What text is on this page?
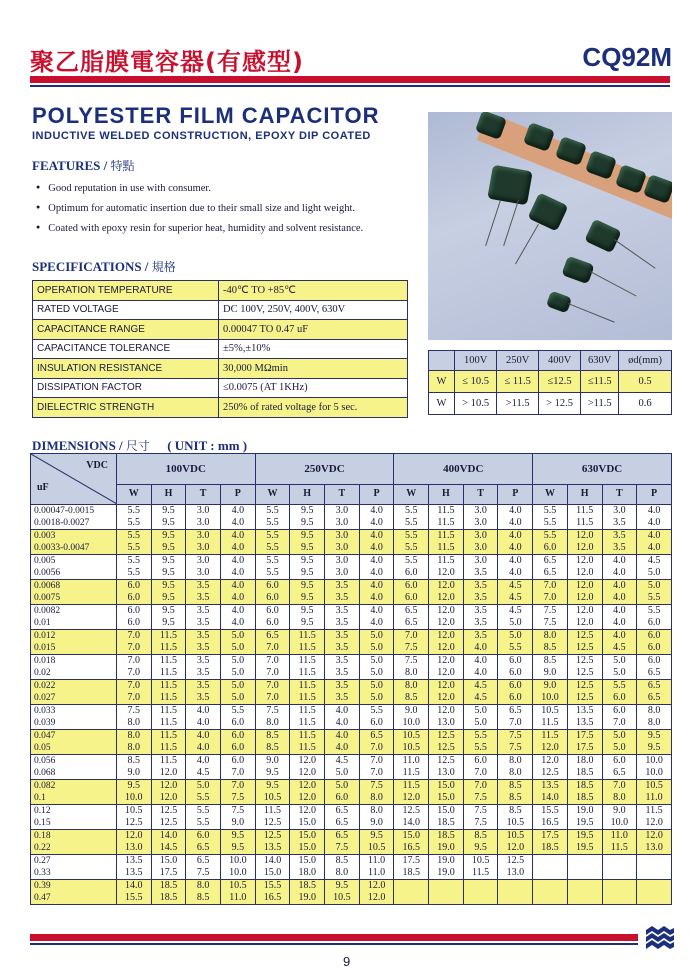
聚乙脂膜電容器(有感型)	CQ92M
POLYESTER FILM CAPACITOR
INDUCTIVE WELDED CONSTRUCTION, EPOXY DIP COATED
FEATURES / 特點
● Good reputation in use with consumer.
● Optimum for automatic insertion due to their small size and light weight.
● Coated with epoxy resin for superior heat, humidity and solvent resistance.
SPECIFICATIONS / 規格
OPERATION TEMPERATURE	-40℃ TO +85℃
RATED VOLTAGE	DC 100V, 250V, 400V, 630V
CAPACITANCE RANGE	0.00047 TO 0.47 uF
CAPACITANCE TOLERANCE	±5%,±10%
INSULATION RESISTANCE	30,000 MΩmin
DISSIPATION FACTOR	≤0.0075 (AT 1KHz)
DIELECTRIC STRENGTH	250% of rated voltage for 5 sec.
	100V	250V	400V	630V	ød(mm)
W	≤ 10.5	≤ 11.5	≤12.5	≤11.5	0.5
W	> 10.5	>11.5	> 12.5	>11.5	0.6
DIMENSIONS / 尺寸 ( UNIT : mm )
VDC
uF	100VDC				250VDC				400VDC				630VDC			
	W	H	T	P	W	H	T	P	W	H	T	P	W	H	T	P
0.00047-0.0015	5.5	9.5	3.0	4.0	5.5	9.5	3.0	4.0	5.5	11.5	3.0	4.0	5.5	11.5	3.0	4.0
0.0018-0.0027	5.5	9.5	3.0	4.0	5.5	9.5	3.0	4.0	5.5	11.5	3.0	4.0	5.5	11.5	3.5	4.0
0.003	5.5	9.5	3.0	4.0	5.5	9.5	3.0	4.0	5.5	11.5	3.0	4.0	5.5	12.0	3.5	4.0
0.0033-0.0047	5.5	9.5	3.0	4.0	5.5	9.5	3.0	4.0	5.5	11.5	3.0	4.0	6.0	12.0	3.5	4.0
0.005	5.5	9.5	3.0	4.0	5.5	9.5	3.0	4.0	5.5	11.5	3.0	4.0	6.5	12.0	4.0	4.5
0.0056	5.5	9.5	3.0	4.0	5.5	9.5	3.0	4.0	6.0	12.0	3.5	4.0	6.5	12.0	4.0	5.0
0.0068	6.0	9.5	3.5	4.0	6.0	9.5	3.5	4.0	6.0	12.0	3.5	4.5	7.0	12.0	4.0	5.0
0.0075	6.0	9.5	3.5	4.0	6.0	9.5	3.5	4.0	6.0	12.0	3.5	4.5	7.0	12.0	4.0	5.5
0.0082	6.0	9.5	3.5	4.0	6.0	9.5	3.5	4.0	6.5	12.0	3.5	4.5	7.5	12.0	4.0	5.5
0.01	6.0	9.5	3.5	4.0	6.0	9.5	3.5	4.0	6.5	12.0	3.5	5.0	7.5	12.0	4.0	6.0
0.012	7.0	11.5	3.5	5.0	6.5	11.5	3.5	5.0	7.0	12.0	3.5	5.0	8.0	12.5	4.0	6.0
0.015	7.0	11.5	3.5	5.0	7.0	11.5	3.5	5.0	7.5	12.0	4.0	5.5	8.5	12.5	4.5	6.0
0.018	7.0	11.5	3.5	5.0	7.0	11.5	3.5	5.0	7.5	12.0	4.0	6.0	8.5	12.5	5.0	6.0
0.02	7.0	11.5	3.5	5.0	7.0	11.5	3.5	5.0	8.0	12.0	4.0	6.0	9.0	12.5	5.0	6.5
0.022	7.0	11.5	3.5	5.0	7.0	11.5	3.5	5.0	8.0	12.0	4.5	6.0	9.0	12.5	5.5	6.5
0.027	7.0	11.5	3.5	5.0	7.0	11.5	3.5	5.0	8.5	12.0	4.5	6.0	10.0	12.5	6.0	6.5
0.033	7.5	11.5	4.0	5.5	7.5	11.5	4.0	5.5	9.0	12.0	5.0	6.5	10.5	13.5	6.0	8.0
0.039	8.0	11.5	4.0	6.0	8.0	11.5	4.0	6.0	10.0	13.0	5.0	7.0	11.5	13.5	7.0	8.0
0.047	8.0	11.5	4.0	6.0	8.5	11.5	4.0	6.5	10.5	12.5	5.5	7.5	11.5	17.5	5.0	9.5
0.05	8.0	11.5	4.0	6.0	8.5	11.5	4.0	7.0	10.5	12.5	5.5	7.5	12.0	17.5	5.0	9.5
0.056	8.5	11.5	4.0	6.0	9.0	12.0	4.5	7.0	11.0	12.5	6.0	8.0	12.0	18.0	6.0	10.0
0.068	9.0	12.0	4.5	7.0	9.5	12.0	5.0	7.0	11.5	13.0	7.0	8.0	12.5	18.5	6.5	10.0
0.082	9.5	12.0	5.0	7.0	9.5	12.0	5.0	7.5	11.5	15.0	7.0	8.5	13.5	18.5	7.0	10.5
0.1	10.0	12.0	5.5	7.5	10.5	12.0	6.0	8.0	12.0	15.0	7.5	8.5	14.0	18.5	8.0	11.0
0.12	10.5	12.5	5.5	7.5	11.5	12.0	6.5	8.0	12.5	15.0	7.5	8.5	15.5	19.0	9.0	11.5
0.15	12.5	12.5	5.5	9.0	12.5	15.0	6.5	9.0	14.0	18.5	7.5	10.5	16.5	19.5	10.0	12.0
0.18	12.0	14.0	6.0	9.5	12.5	15.0	6.5	9.5	15.0	18.5	8.5	10.5	17.5	19.5	11.0	12.0
0.22	13.0	14.5	6.5	9.5	13.5	15.0	7.5	10.5	16.5	19.0	9.5	12.0	18.5	19.5	11.5	13.0
0.27	13.5	15.0	6.5	10.0	14.0	15.0	8.5	11.0	17.5	19.0	10.5	12.5				
0.33	13.5	17.5	7.5	10.0	15.0	18.0	8.0	11.0	18.5	19.0	11.5	13.0				
0.39	14.0	18.5	8.0	10.5	15.5	18.5	9.5	12.0								
0.47	15.5	18.5	8.5	11.0	16.5	19.0	10.5	12.0								
9
